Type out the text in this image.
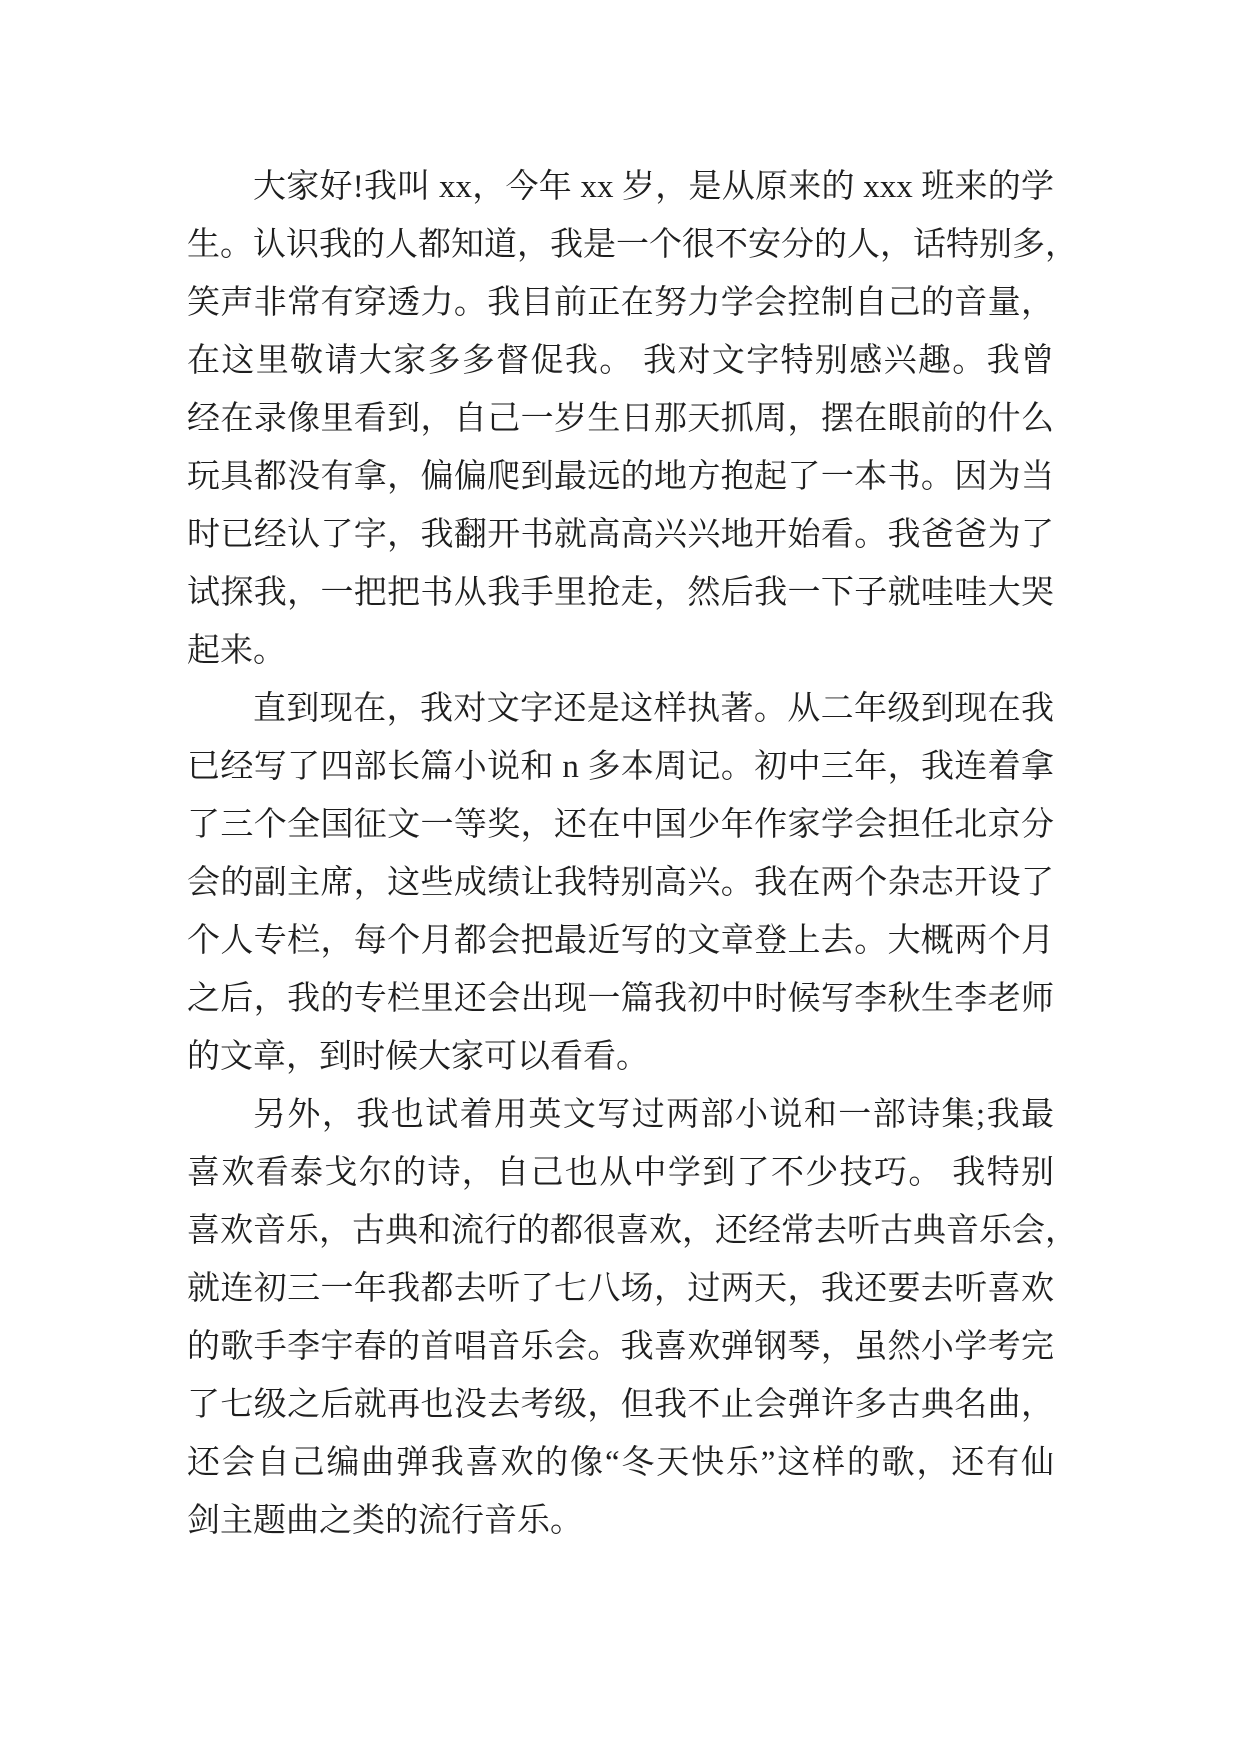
大家好!我叫 xx，今年 xx 岁，是从原来的 xxx 班来的学
生。认识我的人都知道，我是一个很不安分的人，话特别多，
笑声非常有穿透力。我目前正在努力学会控制自己的音量，
在这里敬请大家多多督促我。 我对文字特别感兴趣。我曾
经在录像里看到，自己一岁生日那天抓周，摆在眼前的什么
玩具都没有拿，偏偏爬到最远的地方抱起了一本书。因为当
时已经认了字，我翻开书就高高兴兴地开始看。我爸爸为了
试探我，一把把书从我手里抢走，然后我一下子就哇哇大哭
起来。
直到现在，我对文字还是这样执著。从二年级到现在我
已经写了四部长篇小说和 n 多本周记。初中三年，我连着拿
了三个全国征文一等奖，还在中国少年作家学会担任北京分
会的副主席，这些成绩让我特别高兴。我在两个杂志开设了
个人专栏，每个月都会把最近写的文章登上去。大概两个月
之后，我的专栏里还会出现一篇我初中时候写李秋生李老师
的文章，到时候大家可以看看。
另外，我也试着用英文写过两部小说和一部诗集;我最
喜欢看泰戈尔的诗，自己也从中学到了不少技巧。 我特别
喜欢音乐，古典和流行的都很喜欢，还经常去听古典音乐会，
就连初三一年我都去听了七八场，过两天，我还要去听喜欢
的歌手李宇春的首唱音乐会。我喜欢弹钢琴，虽然小学考完
了七级之后就再也没去考级，但我不止会弹许多古典名曲，
还会自己编曲弹我喜欢的像“冬天快乐”这样的歌，还有仙
剑主题曲之类的流行音乐。
